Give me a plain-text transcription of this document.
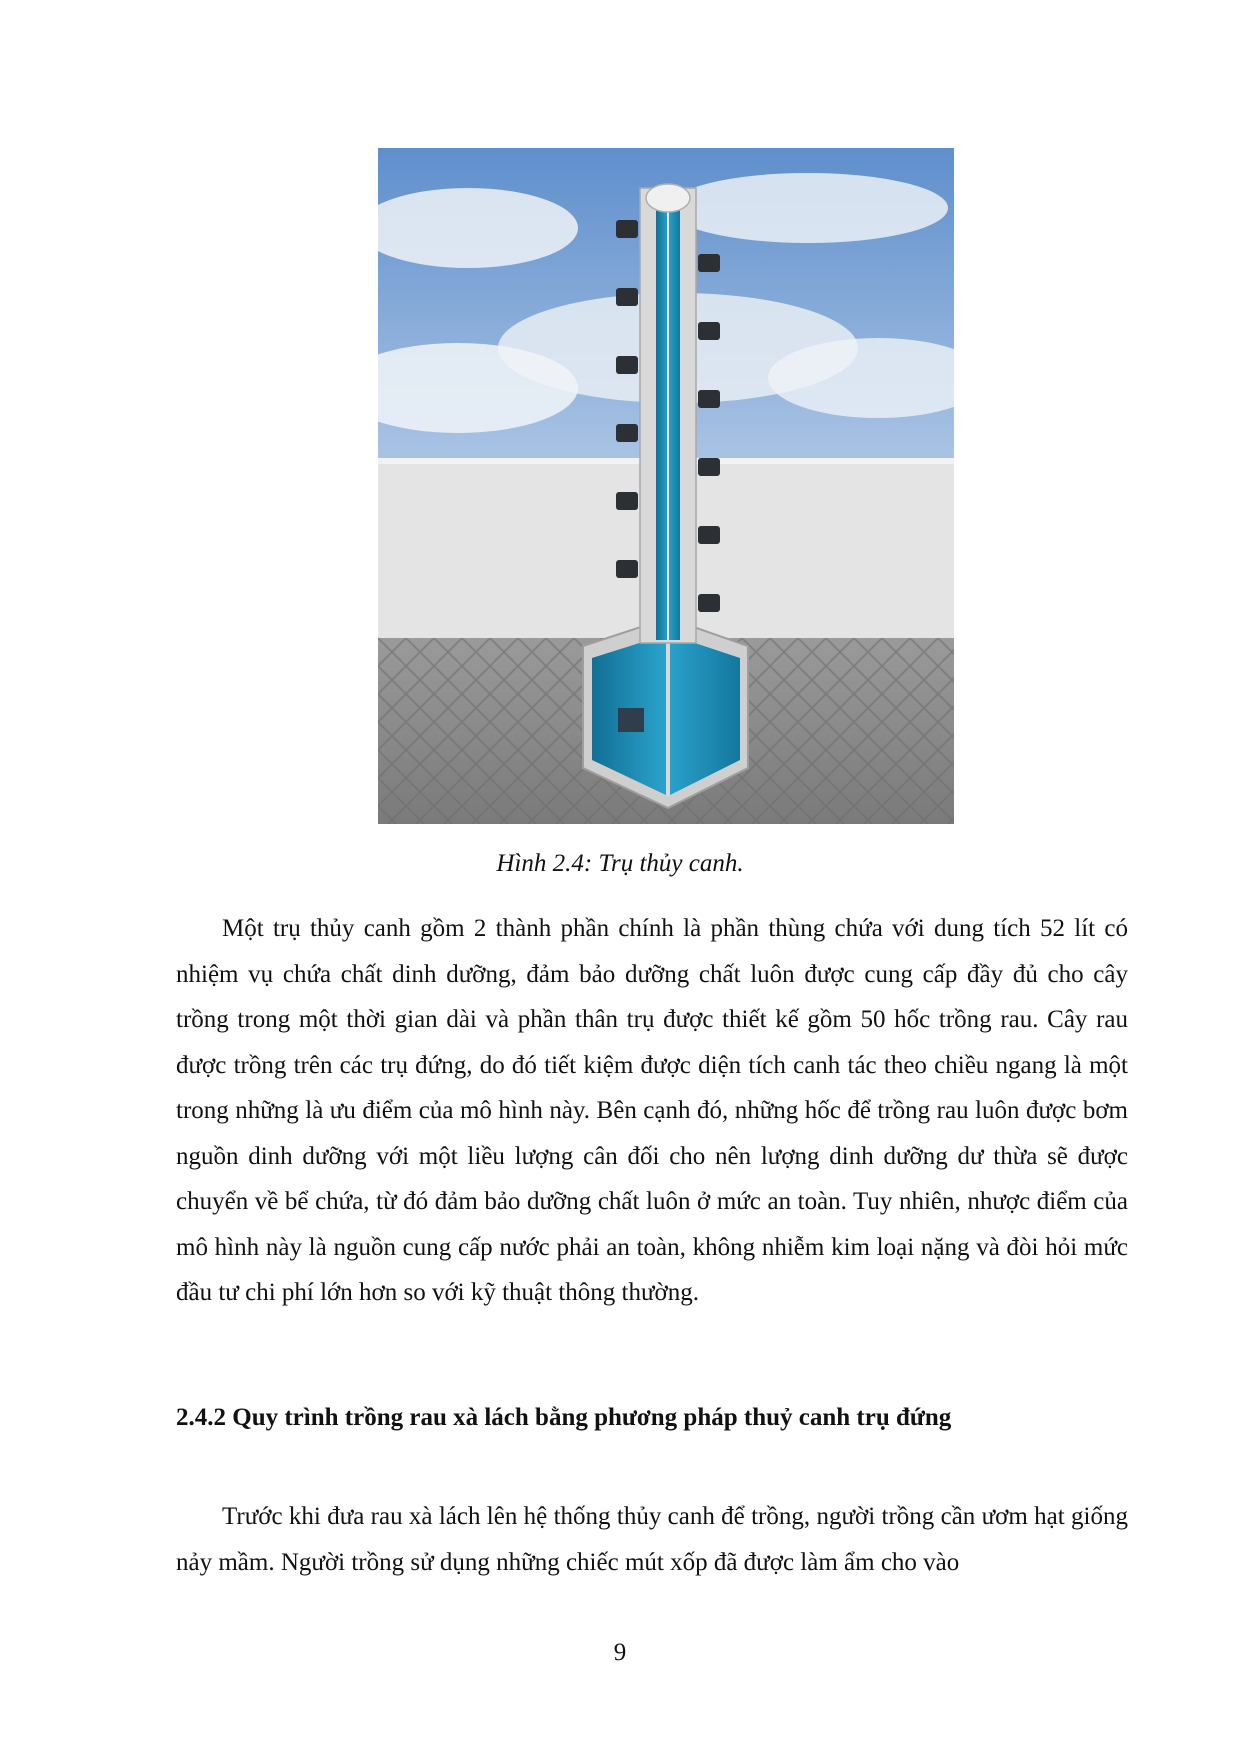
Hình 2.4: Trụ thủy canh.

Một trụ thủy canh gồm 2 thành phần chính là phần thùng chứa với dung tích 52 lít có nhiệm vụ chứa chất dinh dưỡng, đảm bảo dưỡng chất luôn được cung cấp đầy đủ cho cây trồng trong một thời gian dài và phần thân trụ được thiết kế gồm 50 hốc trồng rau. Cây rau được trồng trên các trụ đứng, do đó tiết kiệm được diện tích canh tác theo chiều ngang là một trong những là ưu điểm của mô hình này. Bên cạnh đó, những hốc để trồng rau luôn được bơm nguồn dinh dưỡng với một liều lượng cân đối cho nên lượng dinh dưỡng dư thừa sẽ được chuyển về bể chứa, từ đó đảm bảo dưỡng chất luôn ở mức an toàn. Tuy nhiên, nhược điểm của mô hình này là nguồn cung cấp nước phải an toàn, không nhiễm kim loại nặng và đòi hỏi mức đầu tư chi phí lớn hơn so với kỹ thuật thông thường.

2.4.2 Quy trình trồng rau xà lách bằng phương pháp thuỷ canh trụ đứng

Trước khi đưa rau xà lách lên hệ thống thủy canh để trồng, người trồng cần ươm hạt giống nảy mầm. Người trồng sử dụng những chiếc mút xốp đã được làm ẩm cho vào

9
